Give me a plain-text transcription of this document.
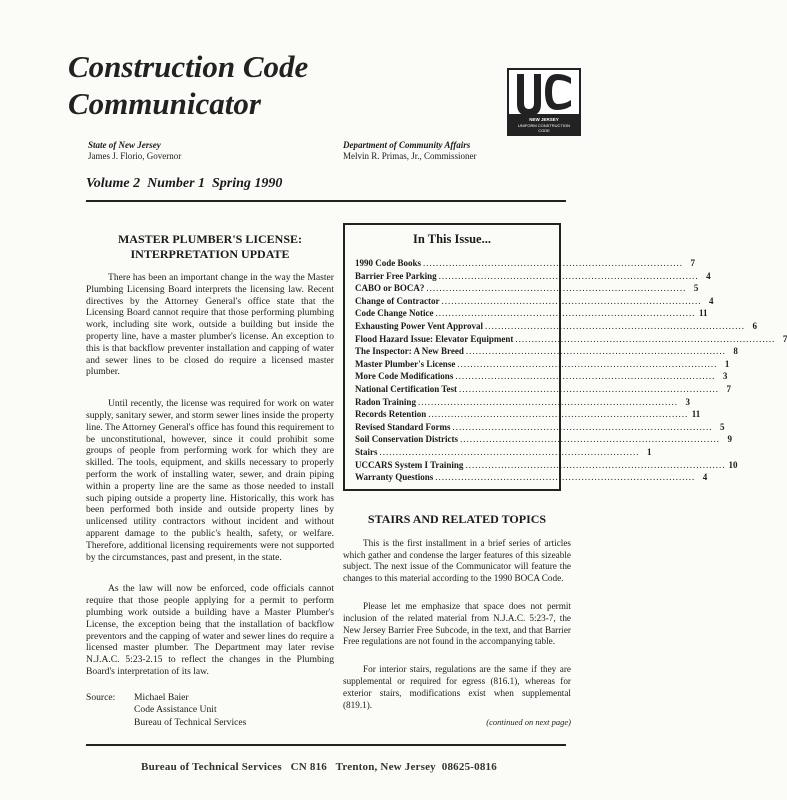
Construction Code
Communicator	NEW JERSEY
UNIFORM CONSTRUCTION
CODE
State of New Jersey
James J. Florio, Governor
Department of Community Affairs
Melvin R. Primas, Jr., Commissioner
Volume 2  Number 1  Spring 1990
MASTER PLUMBER'S LICENSE:
INTERPRETATION UPDATE

There has been an important change in the way the Master Plumbing Licensing Board interprets the licensing law. Recent directives by the Attorney General's office state that the Licensing Board cannot require that those performing plumbing work, including site work, outside a building but inside the property line, have a master plumber's license. An exception to this is that backflow preventer installation and capping of water and sewer lines to be closed do require a licensed master plumber.

Until recently, the license was required for work on water supply, sanitary sewer, and storm sewer lines inside the property line. The Attorney General's office has found this requirement to be unconstitutional, however, since it could prohibit some groups of people from performing work for which they are skilled. The tools, equipment, and skills necessary to properly perform the work of installing water, sewer, and drain piping within a property line are the same as those needed to install such piping outside a property line. Historically, this work has been performed both inside and outside property lines by unlicensed utility contractors without incident and without apparent damage to the public's health, safety, or welfare. Therefore, additional licensing requirements were not supported by the circumstances, past and present, in the state.

As the law will now be enforced, code officials cannot require that those people applying for a permit to perform plumbing work outside a building have a Master Plumber's License, the exception being that the installation of backflow preventors and the capping of water and sewer lines do require a licensed master plumber. The Department may later revise N.J.A.C. 5:23-2.15 to reflect the changes in the Plumbing Board's interpretation of its law.

Source:	Michael Baier
Code Assistance Unit
Bureau of Technical Services
In This Issue...
1990 Code Books ................................................................................ 7
Barrier Free Parking ................................................................................ 4
CABO or BOCA? ................................................................................ 5
Change of Contractor ................................................................................ 4
Code Change Notice ................................................................................ 11
Exhausting Power Vent Approval ................................................................................ 6
Flood Hazard Issue: Elevator Equipment ................................................................................ 7
The Inspector: A New Breed ................................................................................ 8
Master Plumber's License ................................................................................ 1
More Code Modifications ................................................................................ 3
National Certification Test ................................................................................ 7
Radon Training ................................................................................ 3
Records Retention ................................................................................ 11
Revised Standard Forms ................................................................................ 5
Soil Conservation Districts ................................................................................ 9
Stairs ................................................................................ 1
UCCARS System I Training ................................................................................ 10
Warranty Questions ................................................................................ 4
STAIRS AND RELATED TOPICS

This is the first installment in a brief series of articles which gather and condense the larger features of this sizeable subject. The next issue of the Communicator will feature the changes to this material according to the 1990 BOCA Code.

Please let me emphasize that space does not permit inclusion of the related material from N.J.A.C. 5:23-7, the New Jersey Barrier Free Subcode, in the text, and that Barrier Free regulations are not found in the accompanying table.

For interior stairs, regulations are the same if they are supplemental or required for egress (816.1), whereas for exterior stairs, modifications exist when supplemental (819.1).

(continued on next page)
Bureau of Technical Services   CN 816   Trenton, New Jersey  08625-0816
